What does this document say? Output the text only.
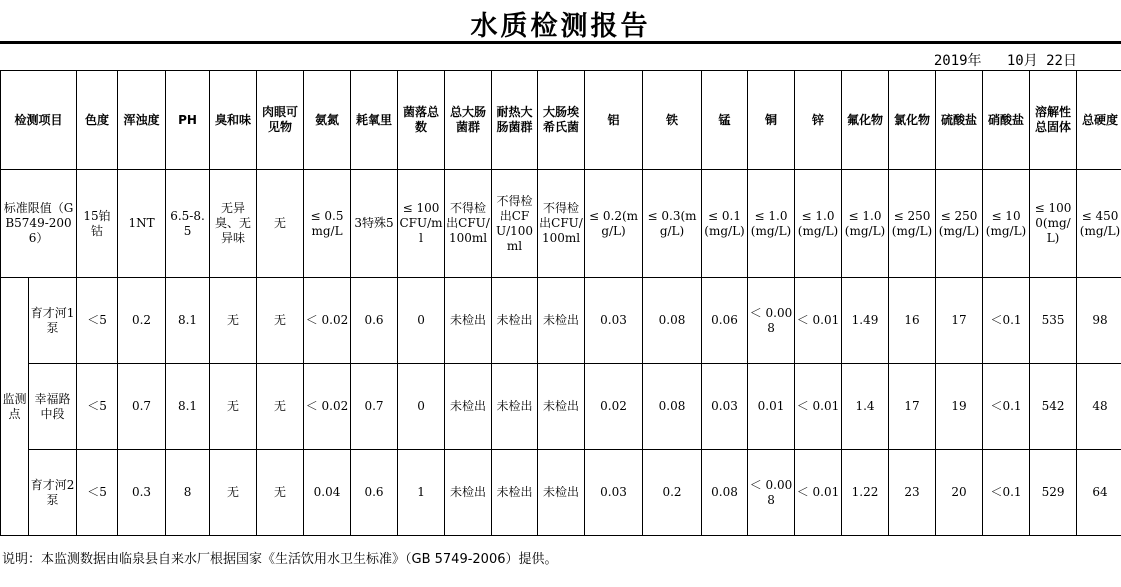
水质检测报告
2019年   10月 22日
检测项目		色度	浑浊度	PH	臭和味	肉眼可见物	氨氮	耗氧里	菌落总数	总大肠菌群	耐热大肠菌群	大肠埃希氏菌	铝	铁	锰	铜	锌	氟化物	氯化物	硫酸盐	硝酸盐	溶解性总固体	总硬度
标准限值（GB5749-2006）		15铂钴	1NT	6.5-8.5	无异臭、无异味	无	≤ 0.5mg/L	3特殊5	≤ 100CFU/ml	不得检出CFU/100ml	不得检出CFU/100ml	不得检出CFU/100ml	≤ 0.2(mg/L)	≤ 0.3(mg/L)	≤ 0.1(mg/L)	≤ 1.0(mg/L)	≤ 1.0(mg/L)	≤ 1.0(mg/L)	≤ 250(mg/L)	≤ 250(mg/L)	≤ 10(mg/L)	≤ 1000(mg/L)	≤ 450(mg/L)
监测点	育才河1泵	＜5	0.2	8.1	无	无	＜ 0.02	0.6	0	未检出	未检出	未检出	0.03	0.08	0.06	＜ 0.008	＜ 0.01	1.49	16	17	＜0.1	535	98
	幸福路中段	＜5	0.7	8.1	无	无	＜ 0.02	0.7	0	未检出	未检出	未检出	0.02	0.08	0.03	0.01	＜ 0.01	1.4	17	19	＜0.1	542	48
	育才河2泵	＜5	0.3	8	无	无	0.04	0.6	1	未检出	未检出	未检出	0.03	0.2	0.08	＜ 0.008	＜ 0.01	1.22	23	20	＜0.1	529	64
说明：本监测数据由临泉县自来水厂根据国家《生活饮用水卫生标准》（GB 5749-2006）提供。
